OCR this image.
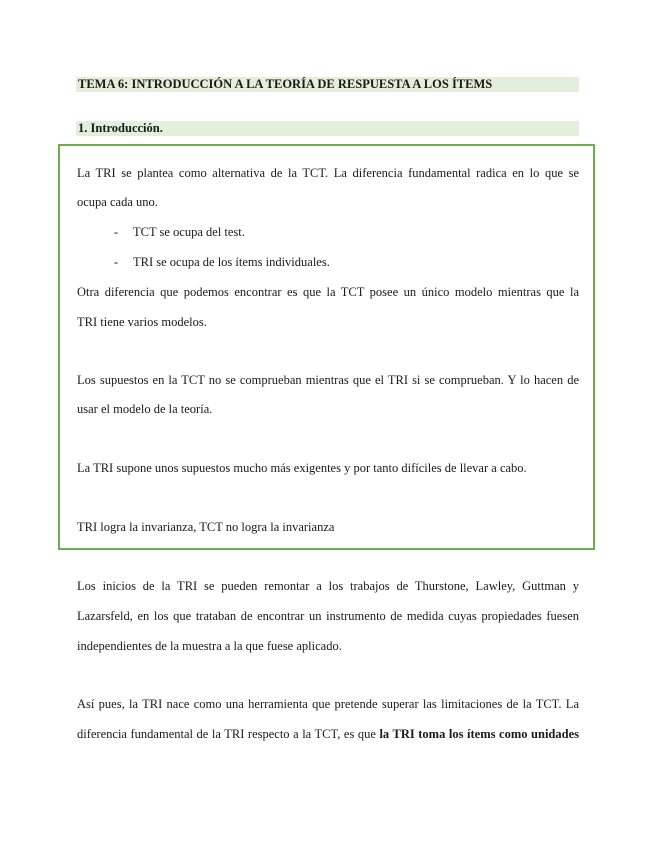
TEMA 6: INTRODUCCIÓN A LA TEORÍA DE RESPUESTA A LOS ÍTEMS
1. Introducción.
La TRI se plantea como alternativa de la TCT. La diferencia fundamental radica en lo que se
ocupa cada uno.
- TCT se ocupa del test.
- TRI se ocupa de los ítems individuales.
Otra diferencia que podemos encontrar es que la TCT posee un único modelo mientras que la
TRI tiene varios modelos.
Los supuestos en la TCT no se comprueban mientras que el TRI si se comprueban. Y lo hacen de
usar el modelo de la teoría.
La TRI supone unos supuestos mucho más exigentes y por tanto difíciles de llevar a cabo.
TRI logra la invarianza, TCT no logra la invarianza
Los inicios de la TRI se pueden remontar a los trabajos de Thurstone, Lawley, Guttman y
Lazarsfeld, en los que trataban de encontrar un instrumento de medida cuyas propiedades fuesen
independientes de la muestra a la que fuese aplicado.
Así pues, la TRI nace como una herramienta que pretende superar las limitaciones de la TCT. La
diferencia fundamental de la TRI respecto a la TCT, es que la TRI toma los ítems como unidades
